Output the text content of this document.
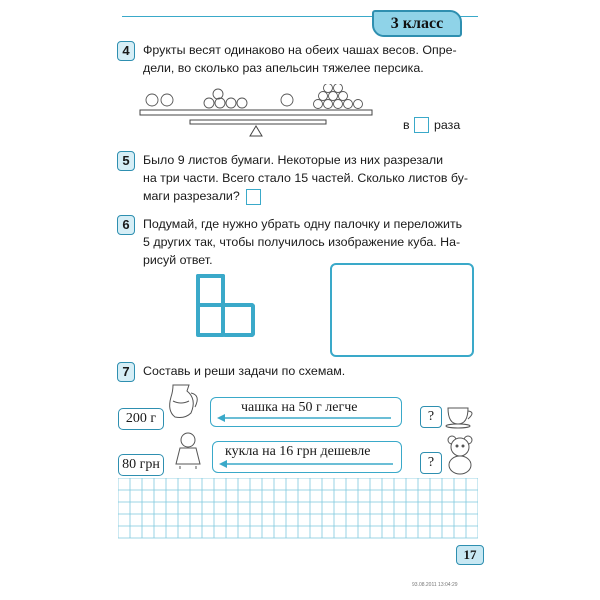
3 класс
4	Фрукты весят одинаково на обеих чашах весов. Опре-
дели, во сколько раз апельсин тяжелее персика.
в раза
5	Было 9 листов бумаги. Некоторые из них разрезали
на три части. Всего стало 15 частей. Сколько листов бу-
маги разрезали?
6	Подумай, где нужно убрать одну палочку и переложить
5 других так, чтобы получилось изображение куба. На-
рисуй ответ.
7	Составь и реши задачи по схемам.
200 г
чашка на 50 г легче
?
80 грн
кукла на 16 грн дешевле
?
17
93.08.2011 13:04:29
